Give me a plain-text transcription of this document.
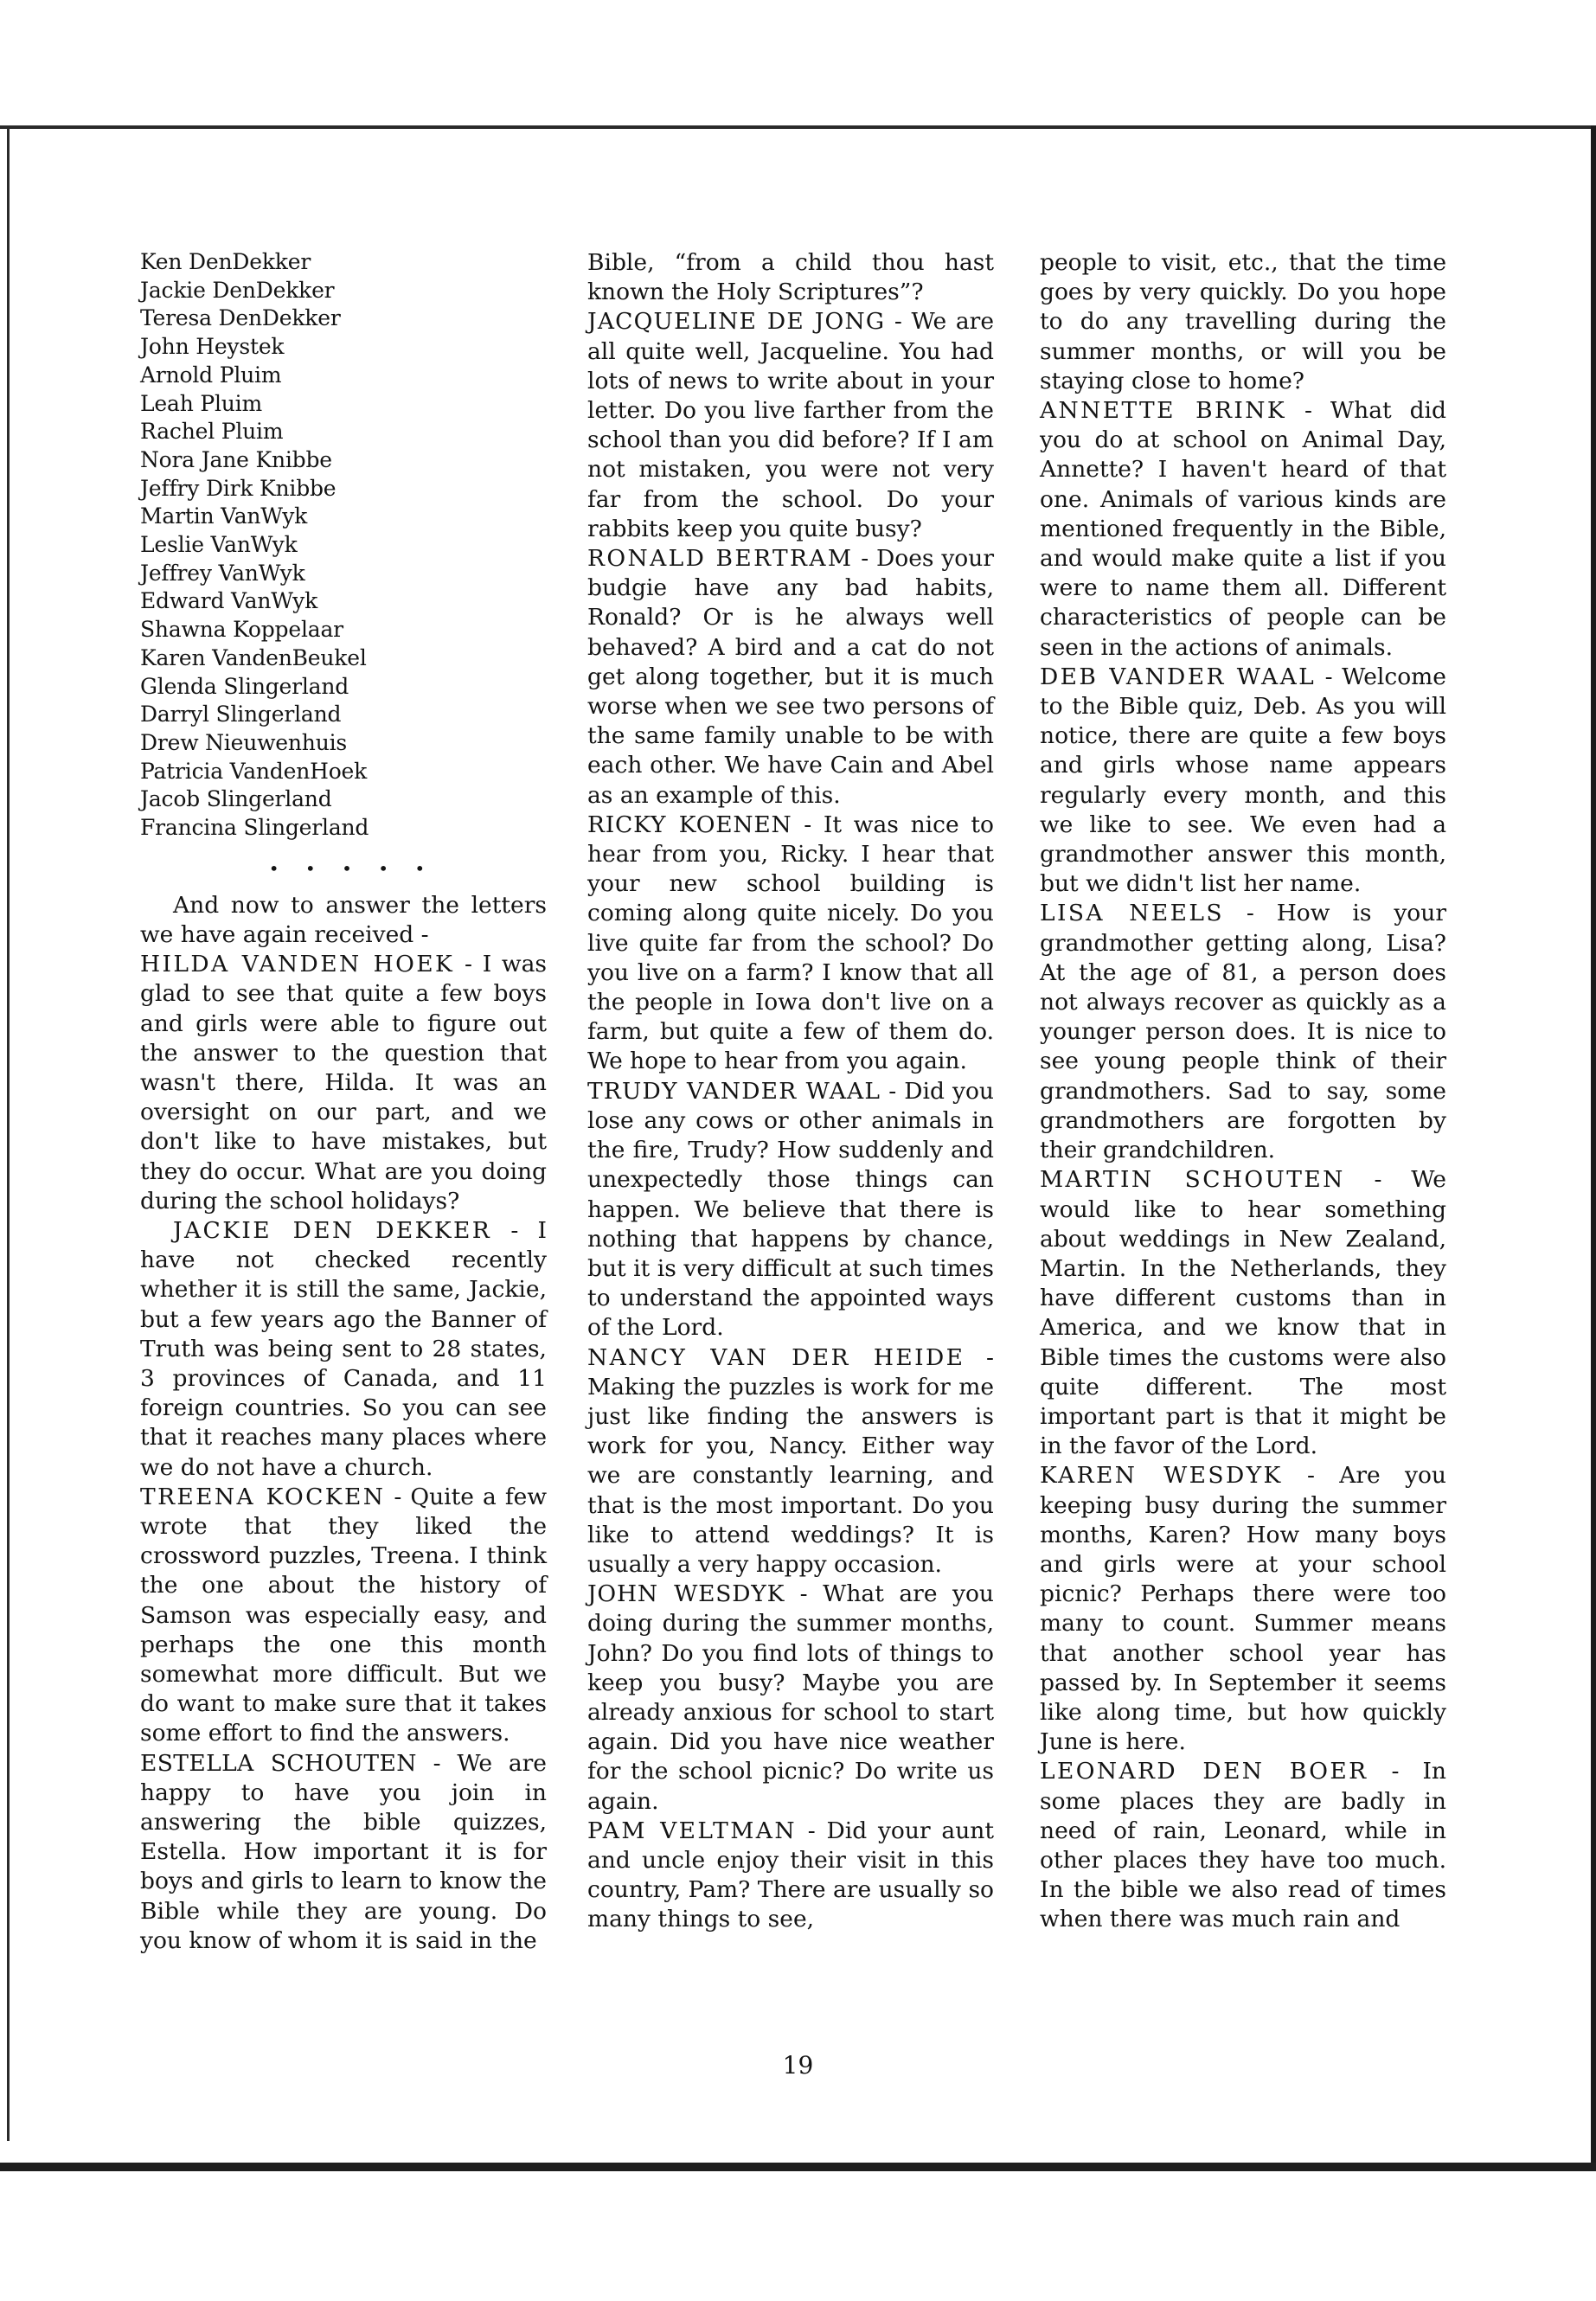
Ken DenDekker
Jackie DenDekker
Teresa DenDekker
John Heystek
Arnold Pluim
Leah Pluim
Rachel Pluim
Nora Jane Knibbe
Jeffry Dirk Knibbe
Martin VanWyk
Leslie VanWyk
Jeffrey VanWyk
Edward VanWyk
Shawna Koppelaar
Karen VandenBeukel
Glenda Slingerland
Darryl Slingerland
Drew Nieuwenhuis
Patricia VandenHoek
Jacob Slingerland
Francina Slingerland
• • • • •

And now to answer the letters we have again received -

HILDA VANDEN HOEK - I was glad to see that quite a few boys and girls were able to figure out the answer to the question that wasn't there, Hilda. It was an oversight on our part, and we don't like to have mistakes, but they do occur. What are you doing during the school holidays?

JACKIE DEN DEKKER - I have not checked recently whether it is still the same, Jackie, but a few years ago the Banner of Truth was being sent to 28 states, 3 provinces of Canada, and 11 foreign countries. So you can see that it reaches many places where we do not have a church.

TREENA KOCKEN - Quite a few wrote that they liked the crossword puzzles, Treena. I think the one about the history of Samson was especially easy, and perhaps the one this month somewhat more difficult. But we do want to make sure that it takes some effort to find the answers.

ESTELLA SCHOUTEN - We are happy to have you join in answering the bible quizzes, Estella. How important it is for boys and girls to learn to know the Bible while they are young. Do you know of whom it is said in the

Bible, “from a child thou hast known the Holy Scriptures”?

JACQUELINE DE JONG - We are all quite well, Jacqueline. You had lots of news to write about in your letter. Do you live farther from the school than you did before? If I am not mistaken, you were not very far from the school. Do your rabbits keep you quite busy?

RONALD BERTRAM - Does your budgie have any bad habits, Ronald? Or is he always well behaved? A bird and a cat do not get along together, but it is much worse when we see two persons of the same family unable to be with each other. We have Cain and Abel as an example of this.

RICKY KOENEN - It was nice to hear from you, Ricky. I hear that your new school building is coming along quite nicely. Do you live quite far from the school? Do you live on a farm? I know that all the people in Iowa don't live on a farm, but quite a few of them do. We hope to hear from you again.

TRUDY VANDER WAAL - Did you lose any cows or other animals in the fire, Trudy? How suddenly and unexpectedly those things can happen. We believe that there is nothing that happens by chance, but it is very difficult at such times to understand the appointed ways of the Lord.

NANCY VAN DER HEIDE - Making the puzzles is work for me just like finding the answers is work for you, Nancy. Either way we are constantly learning, and that is the most important. Do you like to attend weddings? It is usually a very happy occasion.

JOHN WESDYK - What are you doing during the summer months, John? Do you find lots of things to keep you busy? Maybe you are already anxious for school to start again. Did you have nice weather for the school picnic? Do write us again.

PAM VELTMAN - Did your aunt and uncle enjoy their visit in this country, Pam? There are usually so many things to see,

people to visit, etc., that the time goes by very quickly. Do you hope to do any travelling during the summer months, or will you be staying close to home?

ANNETTE BRINK - What did you do at school on Animal Day, Annette? I haven't heard of that one. Animals of various kinds are mentioned frequently in the Bible, and would make quite a list if you were to name them all. Different characteristics of people can be seen in the actions of animals.

DEB VANDER WAAL - Welcome to the Bible quiz, Deb. As you will notice, there are quite a few boys and girls whose name appears regularly every month, and this we like to see. We even had a grandmother answer this month, but we didn't list her name.

LISA NEELS - How is your grandmother getting along, Lisa? At the age of 81, a person does not always recover as quickly as a younger person does. It is nice to see young people think of their grandmothers. Sad to say, some grandmothers are forgotten by their grandchildren.

MARTIN SCHOUTEN - We would like to hear something about weddings in New Zealand, Martin. In the Netherlands, they have different customs than in America, and we know that in Bible times the customs were also quite different. The most important part is that it might be in the favor of the Lord.

KAREN WESDYK - Are you keeping busy during the summer months, Karen? How many boys and girls were at your school picnic? Perhaps there were too many to count. Summer means that another school year has passed by. In September it seems like along time, but how quickly June is here.

LEONARD DEN BOER - In some places they are badly in need of rain, Leonard, while in other places they have too much. In the bible we also read of times when there was much rain and

19
